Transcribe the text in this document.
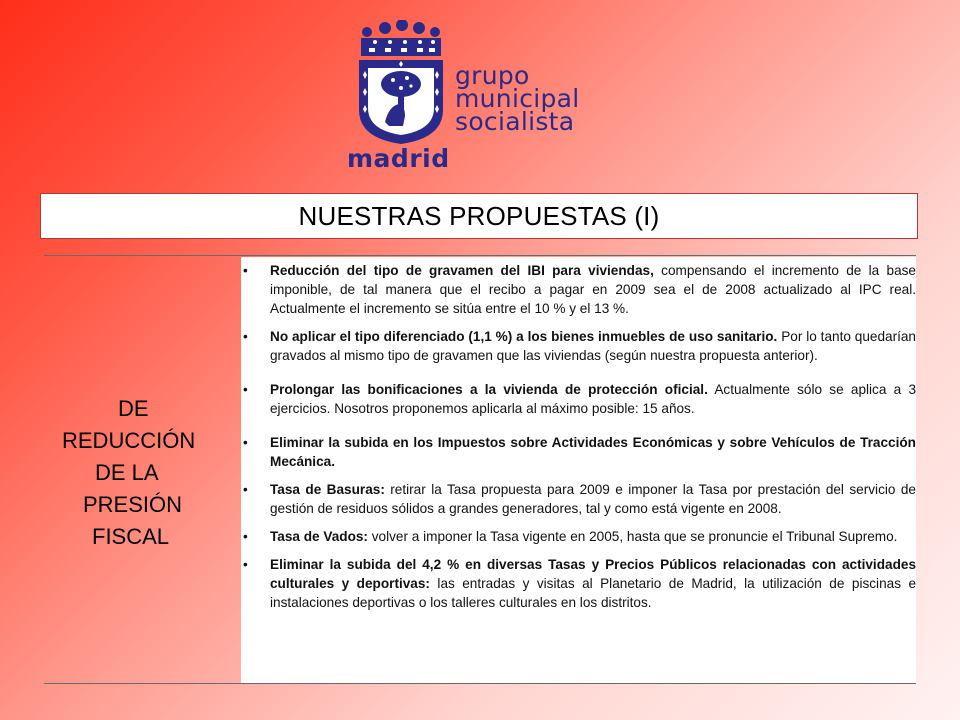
grupo
municipal
socialista
madrid
NUESTRAS PROPUESTAS (I)
DE
REDUCCIÓN
DE LA
PRESIÓN
FISCAL
• Reducción del tipo de gravamen del IBI para viviendas, compensando el incremento de la base imponible, de tal manera que el recibo a pagar en 2009 sea el de 2008 actualizado al IPC real. Actualmente el incremento se sitúa entre el 10 % y el 13 %.
• No aplicar el tipo diferenciado (1,1 %) a los bienes inmuebles de uso sanitario. Por lo tanto quedarían gravados al mismo tipo de gravamen que las viviendas (según nuestra propuesta anterior).
• Prolongar las bonificaciones a la vivienda de protección oficial. Actualmente sólo se aplica a 3 ejercicios. Nosotros proponemos aplicarla al máximo posible: 15 años.
• Eliminar la subida en los Impuestos sobre Actividades Económicas y sobre Vehículos de Tracción Mecánica.
• Tasa de Basuras: retirar la Tasa propuesta para 2009 e imponer la Tasa por prestación del servicio de gestión de residuos sólidos a grandes generadores, tal y como está vigente en 2008.
• Tasa de Vados: volver a imponer la Tasa vigente en 2005, hasta que se pronuncie el Tribunal Supremo.
• Eliminar la subida del 4,2 % en diversas Tasas y Precios Públicos relacionadas con actividades culturales y deportivas: las entradas y visitas al Planetario de Madrid, la utilización de piscinas e instalaciones deportivas o los talleres culturales en los distritos.
